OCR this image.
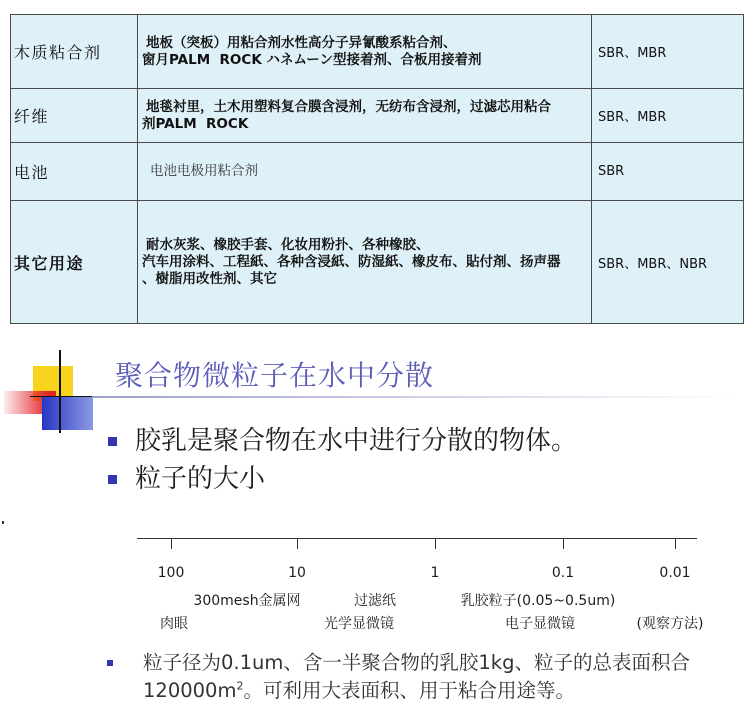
木质粘合剂	地板（突板）用粘合剂水性高分子异氰酸系粘合剂、
窗月PALM  ROCK ハネムーン型接着剂、合板用接着剂	SBR、MBR
纤维	地毯衬里，土木用塑料复合膜含浸剂，无纺布含浸剂，过滤芯用粘合
剂PALM  ROCK	SBR、MBR
电池	电池电极用粘合剂	SBR
其它用途	耐水灰浆、橡胶手套、化妆用粉扑、各种橡胶、
汽车用涂料、工程紙、各种含浸紙、防湿紙、橡皮布、貼付剤、扬声器
、樹脂用改性剂、其它	SBR、MBR、NBR
聚合物微粒子在水中分散
胶乳是聚合物在水中进行分散的物体。
粒子的大小
100	10	1	0.1	0.01
300mesh金属网	过滤纸	乳胶粒子(0.05~0.5um)
肉眼	光学显微镜	电子显微镜	(观察方法)
粒子径为0.1um、含一半聚合物的乳胶1kg、粒子的总表面积合
$120000m^2$。可利用大表面积、用于粘合用途等。
